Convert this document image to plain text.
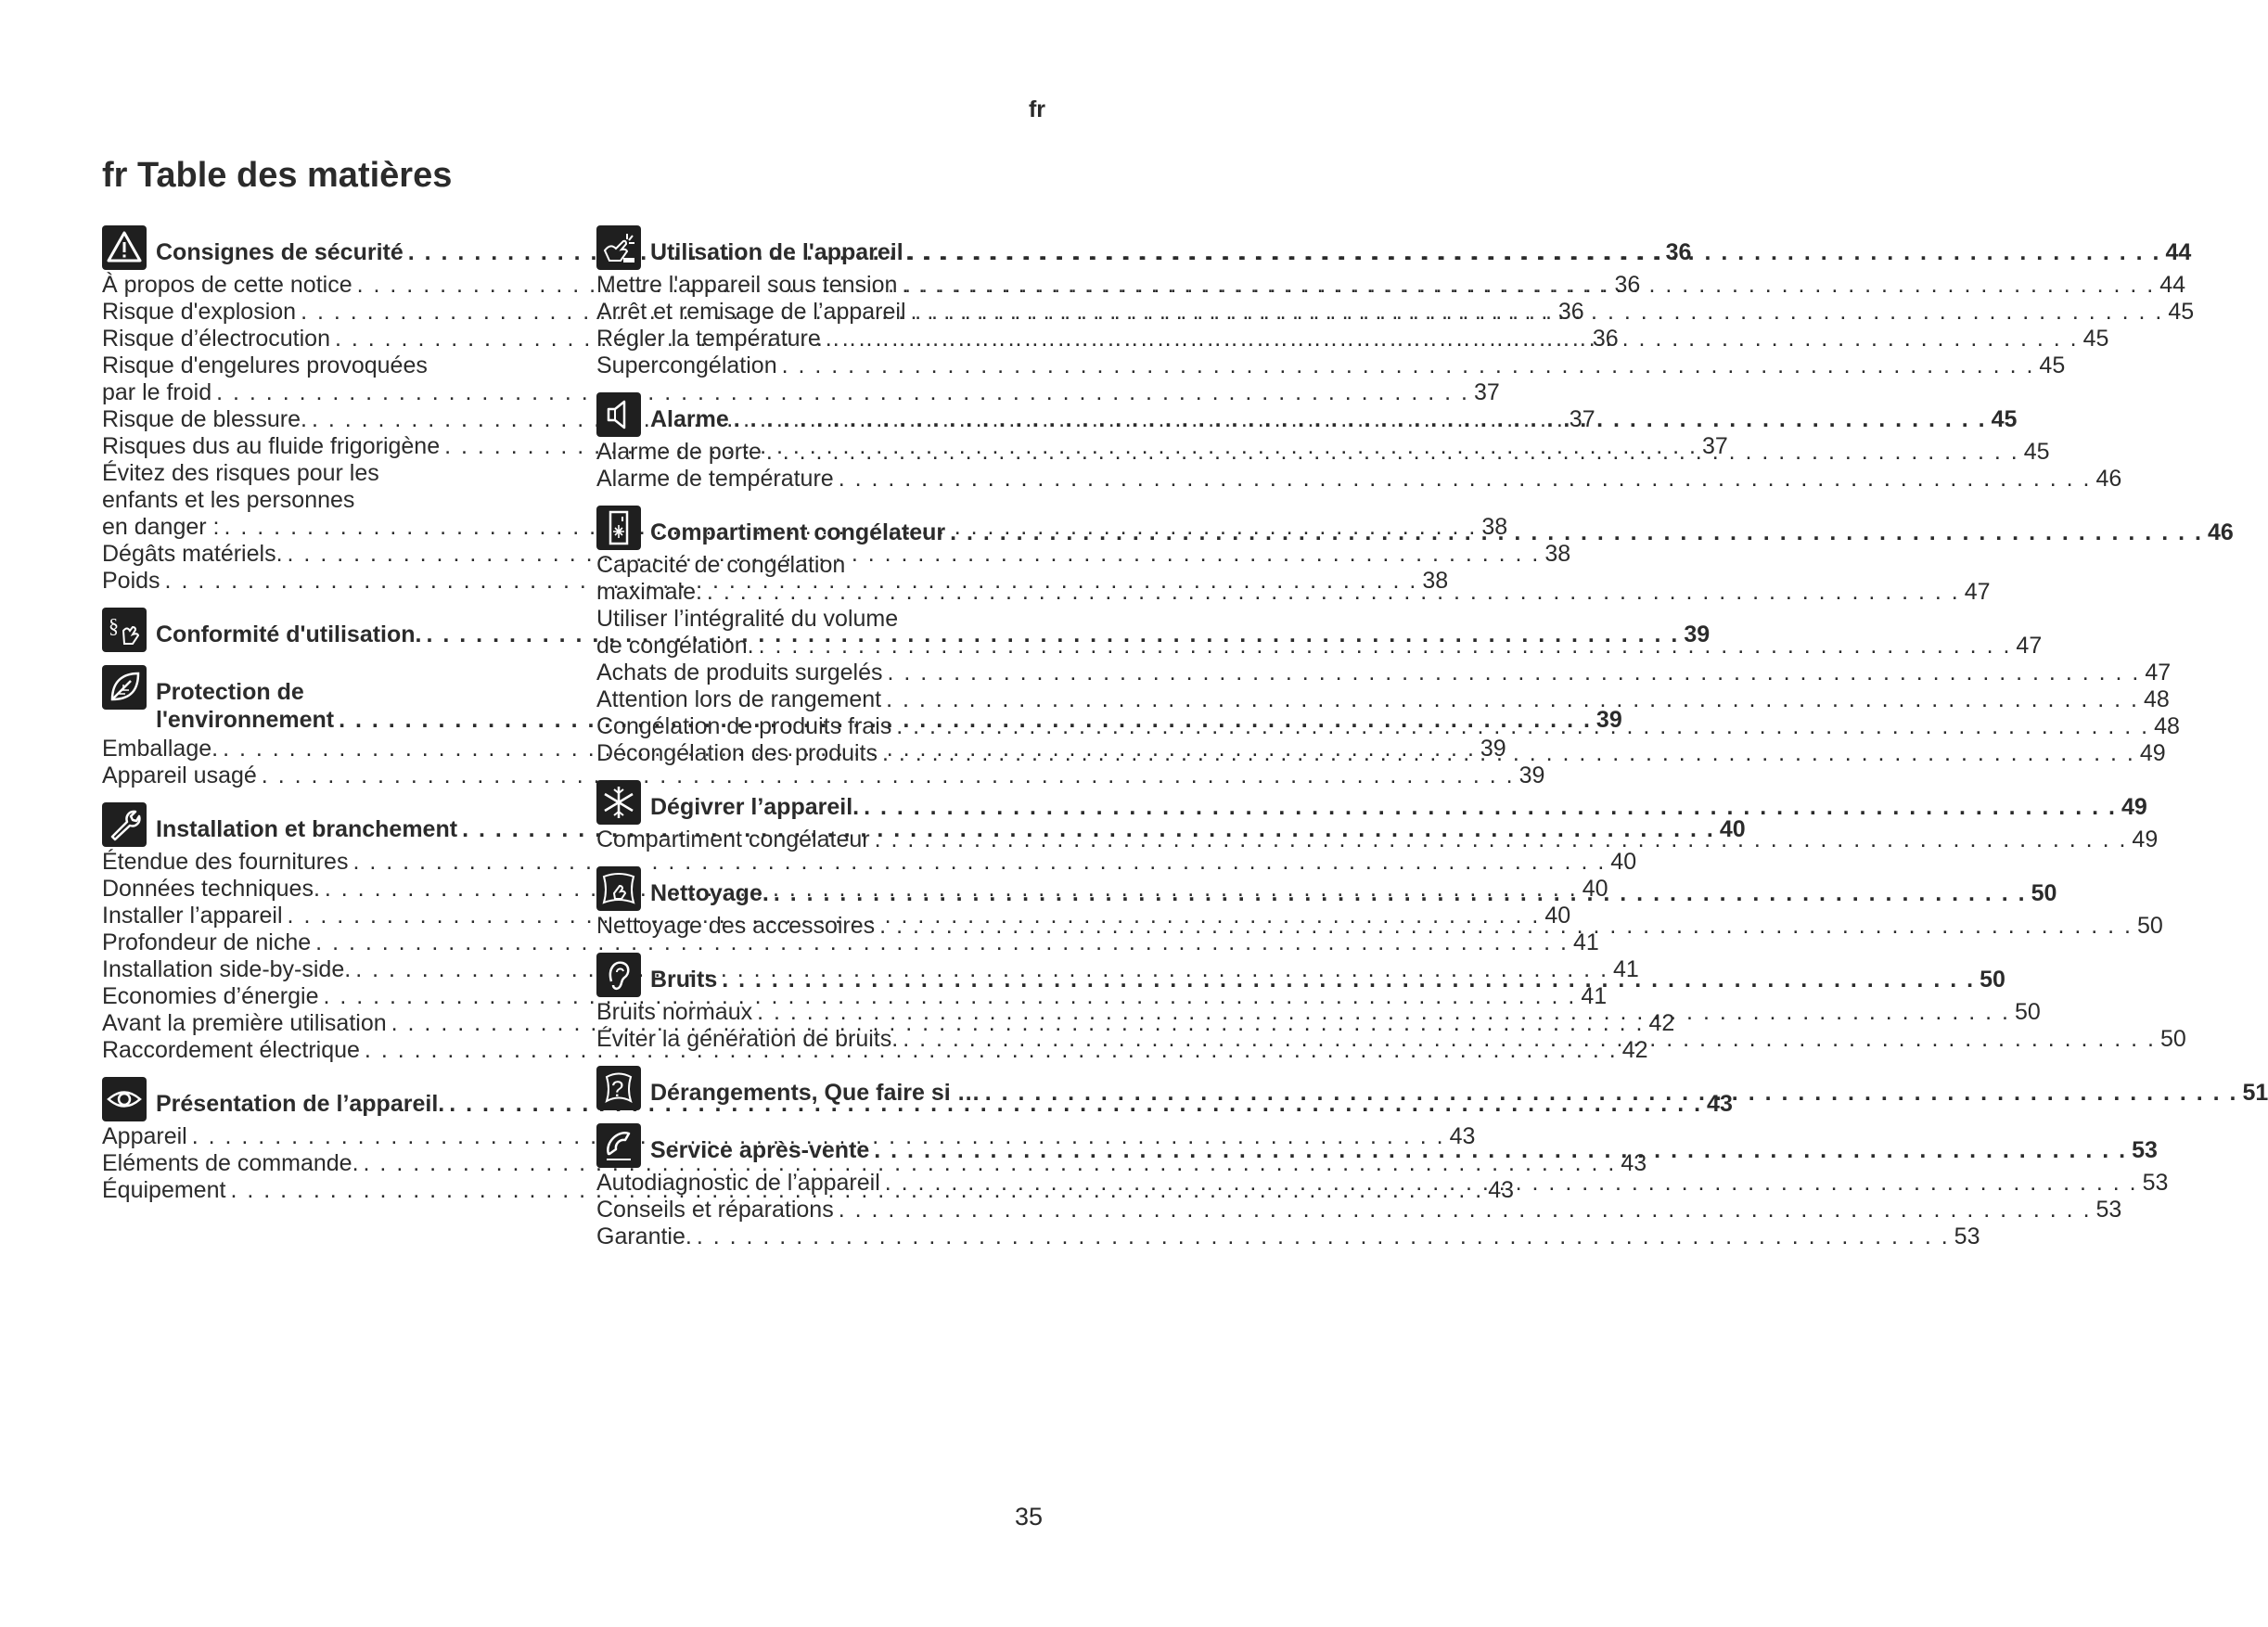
fr
fr Table des matières
Consignes de sécurité . . .	36
À propos de cette notice . . .	36
Risque d'explosion . . .	36
Risque d’électrocution . . .	36
Risque d'engelures provoquées
par le froid . . .	37
Risque de blessure. . . .	37
Risques dus au fluide frigorigène . . .	37
Évitez des risques pour les
enfants et les personnes
en danger : . . .	38
Dégâts matériels. . . .	38
Poids . . .	38
§ Conformité d'utilisation. . . .	39
Protection de
l'environnement . . .	39
Emballage. . . .	39
Appareil usagé . . .	39
Installation et branchement . . .	40
Étendue des fournitures . . .	40
Données techniques. . . .	40
Installer l’appareil . . .	40
Profondeur de niche . . .	41
Installation side-by-side. . . .	41
Economies d’énergie . . .	41
Avant la première utilisation . . .	42
Raccordement électrique . . .	42
Présentation de l’appareil. . . .	43
Appareil . . .	43
Eléments de commande. . . .	43
Équipement . . .	43
Utilisation de l'appareil . . .	44
Mettre l'appareil sous tension . . .	44
Arrêt et remisage de l’appareil . . .	45
Régler la température . . .	45
Supercongélation . . .	45
Alarme . . .	45
Alarme de porte . . .	45
Alarme de température . . .	46
Compartiment congélateur . . .	46
Capacité de congélation
maximale. . . .	47
Utiliser l’intégralité du volume
de congélation. . . .	47
Achats de produits surgelés . . .	47
Attention lors de rangement . . .	48
Congélation de produits frais . . .	48
Décongélation des produits . . .	49
Dégivrer l’appareil. . . .	49
Compartiment congélateur . . .	49
Nettoyage. . . .	50
Nettoyage des accessoires . . .	50
Bruits . . .	50
Bruits normaux . . .	50
Éviter la génération de bruits. . . .	50
? Dérangements, Que faire si … . . .	51
Service après-vente . . .	53
Autodiagnostic de l’appareil . . .	53
Conseils et réparations . . .	53
Garantie. . . .	53
35
